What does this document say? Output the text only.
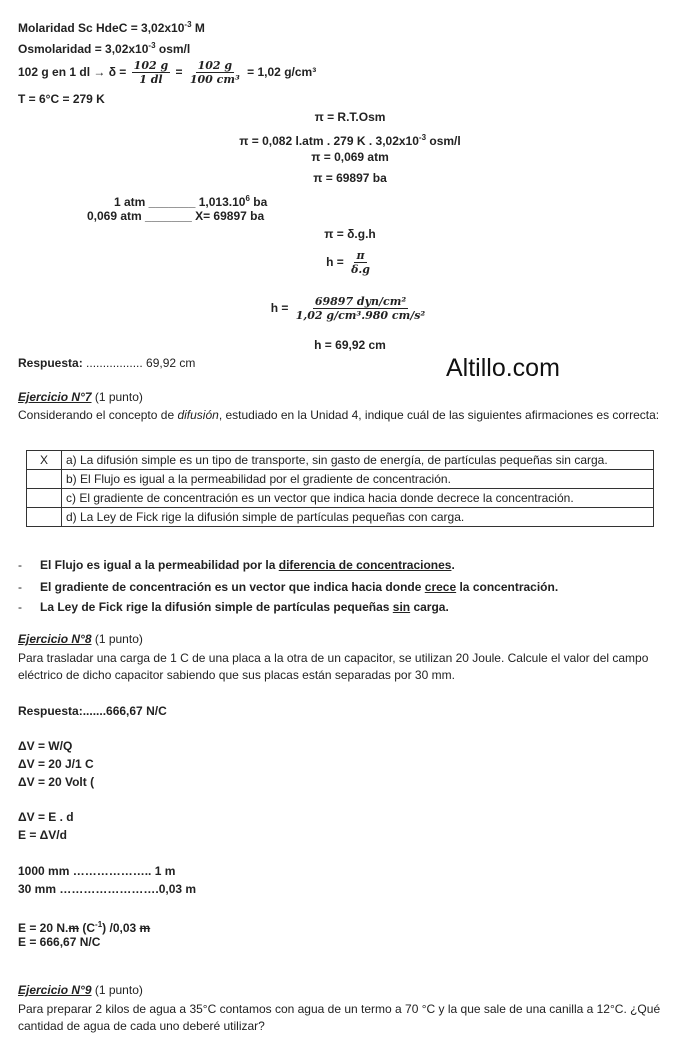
Molaridad Sc HdeC = $3,02x10^{-3}$ M
Osmolaridad = $3,02x10^{-3}$ osm/l
102 g en 1 dl → $\delta = \frac{102 g}{1 dl} = \frac{102 g}{\text{100 cm³}} = 1,02$ g/cm³
T = 6°C = 279 K
π = R.T.Osm
π = 0,082 l.atm . 279 K . $3,02x10^{-3}$ osm/l
π = 0,069 atm
π = 69897 ba
1 atm _______ 1,013.10$^6$ ba
0,069 atm _______ X= 69897 ba
π = δ.g.h
$h = \frac{\pi}{\delta.g}$
$h = \frac{\text{69897 dyn/cm²}}{\text{1,02 g/cm³.980 cm/s²}}$
h = 69,92 cm
Respuesta: ................. 69,92 cm	Altillo.com
Ejercicio N°7 (1 punto)
Considerando el concepto de difusión, estudiado en la Unidad 4, indique cuál de las siguientes afirmaciones es correcta:
X	a) La difusión simple es un tipo de transporte, sin gasto de energía, de partículas pequeñas sin carga.
	b) El Flujo es igual a la permeabilidad por el gradiente de concentración.
	c) El gradiente de concentración es un vector que indica hacia donde decrece la concentración.
	d) La Ley de Fick rige la difusión simple de partículas pequeñas con carga.
- El Flujo es igual a la permeabilidad por la diferencia de concentraciones.
- El gradiente de concentración es un vector que indica hacia donde crece la concentración.
- La Ley de Fick rige la difusión simple de partículas pequeñas sin carga.
Ejercicio N°8 (1 punto)
Para trasladar una carga de 1 C de una placa a la otra de un capacitor, se utilizan 20 Joule. Calcule el valor del campo eléctrico de dicho capacitor sabiendo que sus placas están separadas por 30 mm.
Respuesta:.......666,67 N/C
ΔV = W/Q
ΔV = 20 J/1 C
ΔV = 20 Volt (
ΔV = E . d
E = ΔV/d
1000 mm ……………….. 1 m
30 mm …………………….0,03 m
E = 20 N.m $(C^{-1})$ /0,03 m
E = 666,67 N/C
Ejercicio N°9 (1 punto)
Para preparar 2 kilos de agua a 35°C contamos con agua de un termo a 70 °C y la que sale de una canilla a 12°C. ¿Qué cantidad de agua de cada uno deberé utilizar?
